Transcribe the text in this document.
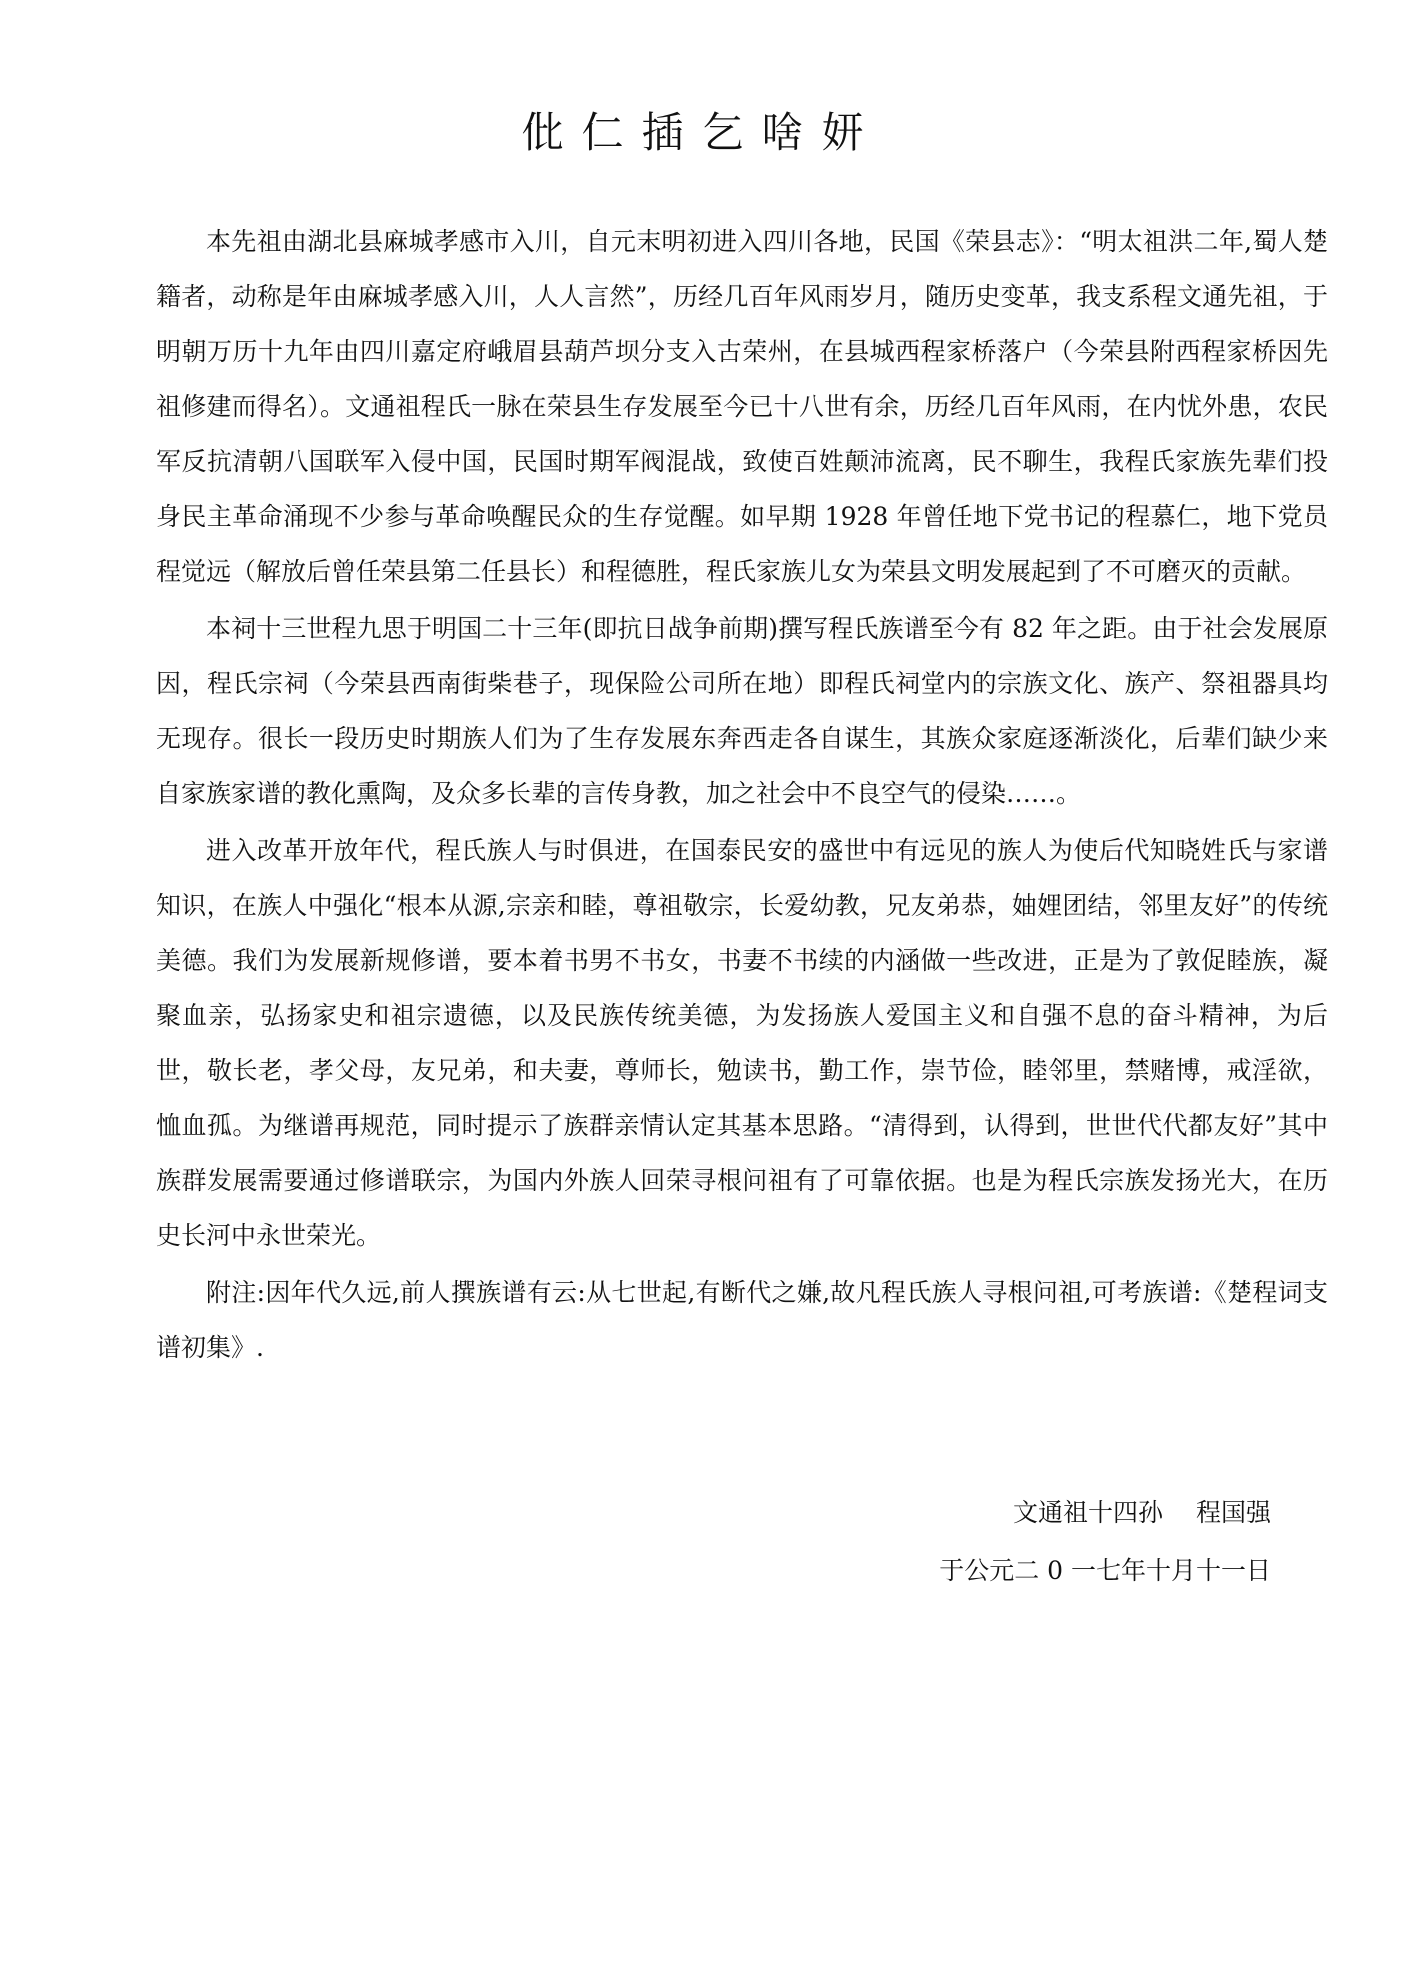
仳仁插乞啥妍

本先祖由湖北县麻城孝感市入川，自元末明初进入四川各地，民国《荣县志》：“明太祖洪二年,蜀人楚籍者，动称是年由麻城孝感入川，人人言然”，历经几百年风雨岁月，随历史变革，我支系程文通先祖，于明朝万历十九年由四川嘉定府峨眉县葫芦坝分支入古荣州，在县城西程家桥落户（今荣县附西程家桥因先祖修建而得名）。文通祖程氏一脉在荣县生存发展至今已十八世有余，历经几百年风雨，在内忧外患，农民军反抗清朝八国联军入侵中国，民国时期军阀混战，致使百姓颠沛流离，民不聊生，我程氏家族先辈们投身民主革命涌现不少参与革命唤醒民众的生存觉醒。如早期 1928 年曾任地下党书记的程慕仁，地下党员程觉远（解放后曾任荣县第二任县长）和程德胜，程氏家族儿女为荣县文明发展起到了不可磨灭的贡献。

本祠十三世程九思于明国二十三年(即抗日战争前期)撰写程氏族谱至今有 82 年之距。由于社会发展原因，程氏宗祠（今荣县西南街柴巷子，现保险公司所在地）即程氏祠堂内的宗族文化、族产、祭祖器具均无现存。很长一段历史时期族人们为了生存发展东奔西走各自谋生，其族众家庭逐渐淡化，后辈们缺少来自家族家谱的教化熏陶，及众多长辈的言传身教，加之社会中不良空气的侵染……。

进入改革开放年代，程氏族人与时俱进，在国泰民安的盛世中有远见的族人为使后代知晓姓氏与家谱知识，在族人中强化“根本从源,宗亲和睦，尊祖敬宗，长爱幼教，兄友弟恭，妯娌团结，邻里友好”的传统美德。我们为发展新规修谱，要本着书男不书女，书妻不书续的内涵做一些改进，正是为了敦促睦族，凝聚血亲，弘扬家史和祖宗遗德，以及民族传统美德，为发扬族人爱国主义和自强不息的奋斗精神，为后世，敬长老，孝父母，友兄弟，和夫妻，尊师长，勉读书，勤工作，崇节俭，睦邻里，禁赌博，戒淫欲，恤血孤。为继谱再规范，同时提示了族群亲情认定其基本思路。“清得到，认得到，世世代代都友好”其中族群发展需要通过修谱联宗，为国内外族人回荣寻根问祖有了可靠依据。也是为程氏宗族发扬光大，在历史长河中永世荣光。

附注:因年代久远,前人撰族谱有云:从七世起,有断代之嫌,故凡程氏族人寻根问祖,可考族谱:《楚程词支谱初集》.

文通祖十四孙　 程国强
于公元二 0 一七年十月十一日
